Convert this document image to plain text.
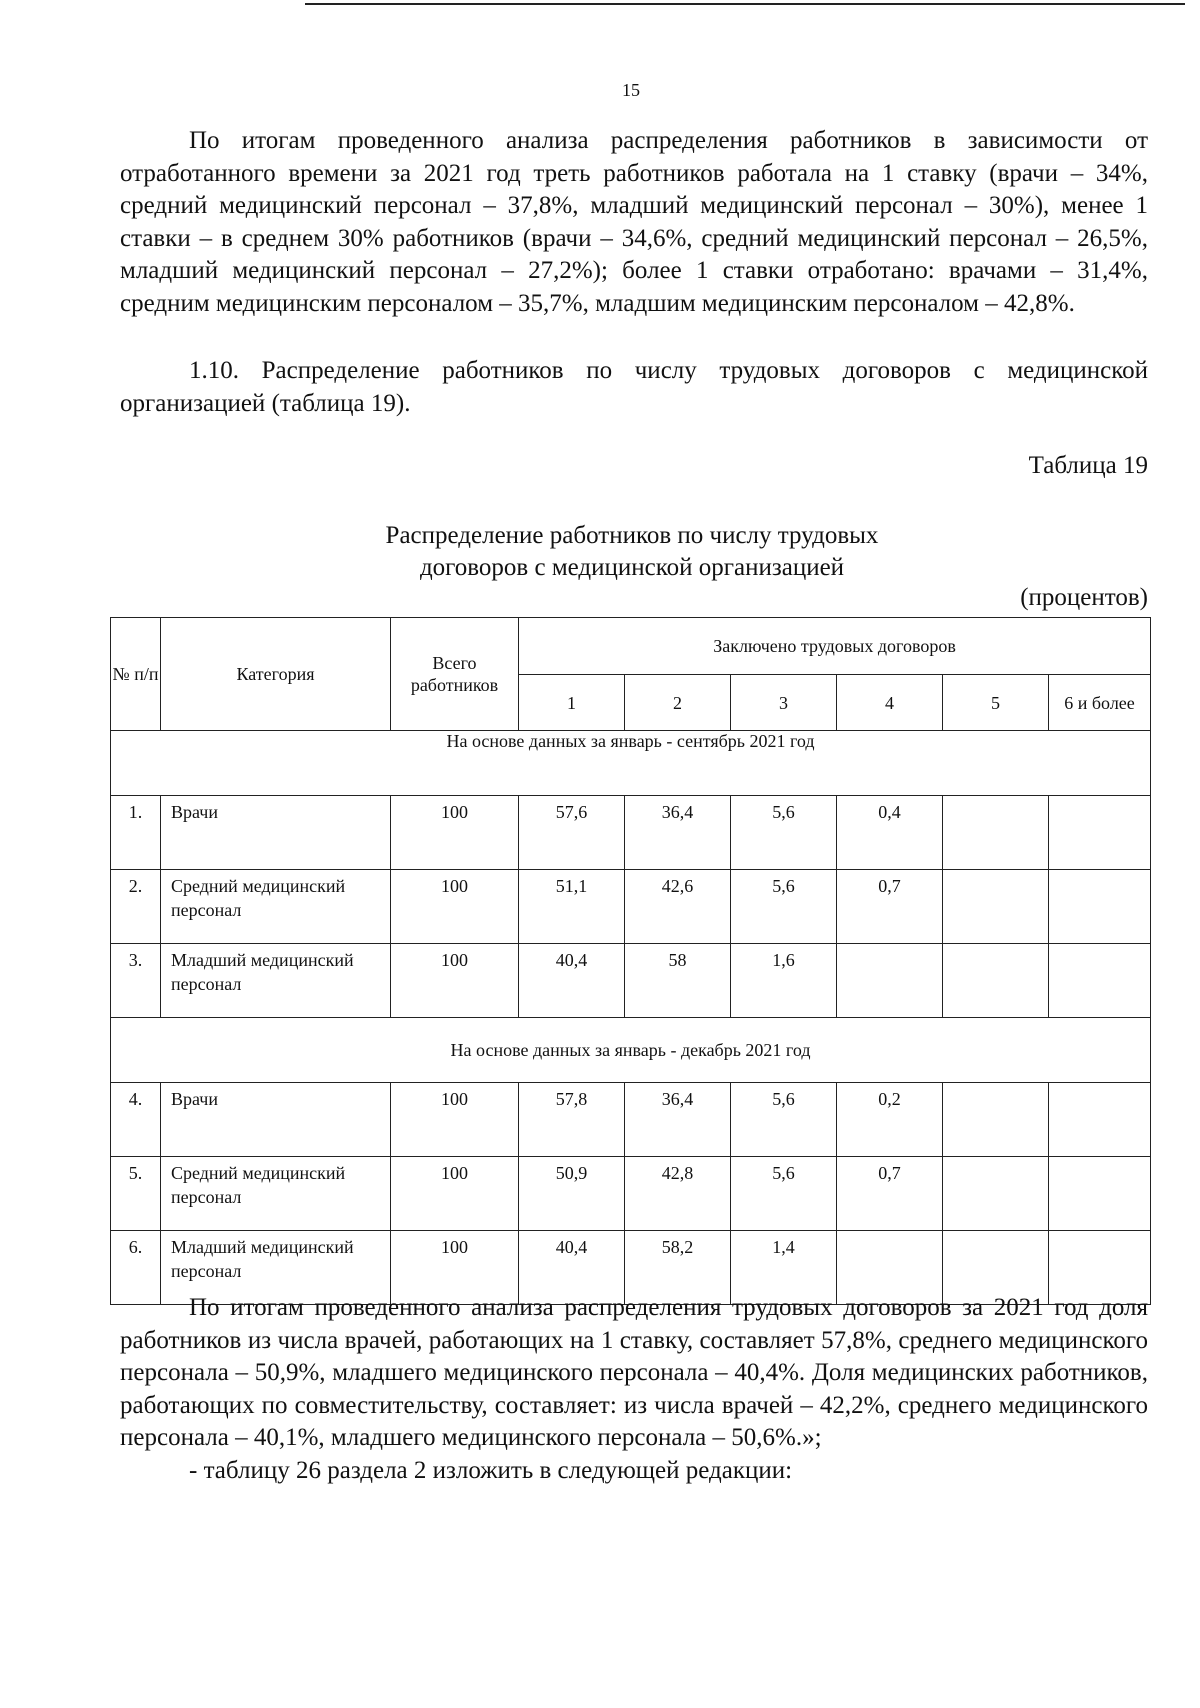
15

По итогам проведенного анализа распределения работников в зависимости от отработанного времени за 2021 год треть работников работала на 1 ставку (врачи – 34%, средний медицинский персонал – 37,8%, младший медицинский персонал – 30%), менее 1 ставки – в среднем 30% работников (врачи – 34,6%, средний медицинский персонал – 26,5%, младший медицинский персонал – 27,2%); более 1 ставки отработано: врачами – 31,4%, средним медицинским персоналом – 35,7%, младшим медицинским персоналом – 42,8%.

1.10. Распределение работников по числу трудовых договоров с медицинской организацией (таблица 19).

Таблица 19
Распределение работников по числу трудовых
договоров с медицинской организацией
(процентов)
№ п/п	Категория	Всего работников	Заключено трудовых договоров					
			1	2	3	4	5	6 и более
На основе данных за январь - сентябрь 2021 год								
1.	Врачи	100	57,6	36,4	5,6	0,4		
2.	Средний медицинский персонал	100	51,1	42,6	5,6	0,7		
3.	Младший медицинский персонал	100	40,4	58	1,6			
На основе данных за январь - декабрь 2021 год								
4.	Врачи	100	57,8	36,4	5,6	0,2		
5.	Средний медицинский персонал	100	50,9	42,8	5,6	0,7		
6.	Младший медицинский персонал	100	40,4	58,2	1,4			

По итогам проведенного анализа распределения трудовых договоров за 2021 год доля работников из числа врачей, работающих на 1 ставку, составляет 57,8%, среднего медицинского персонала – 50,9%, младшего медицинского персонала – 40,4%. Доля медицинских работников, работающих по совместительству, составляет: из числа врачей – 42,2%, среднего медицинского персонала – 40,1%, младшего медицинского персонала – 50,6%.»;

- таблицу 26 раздела 2 изложить в следующей редакции:
